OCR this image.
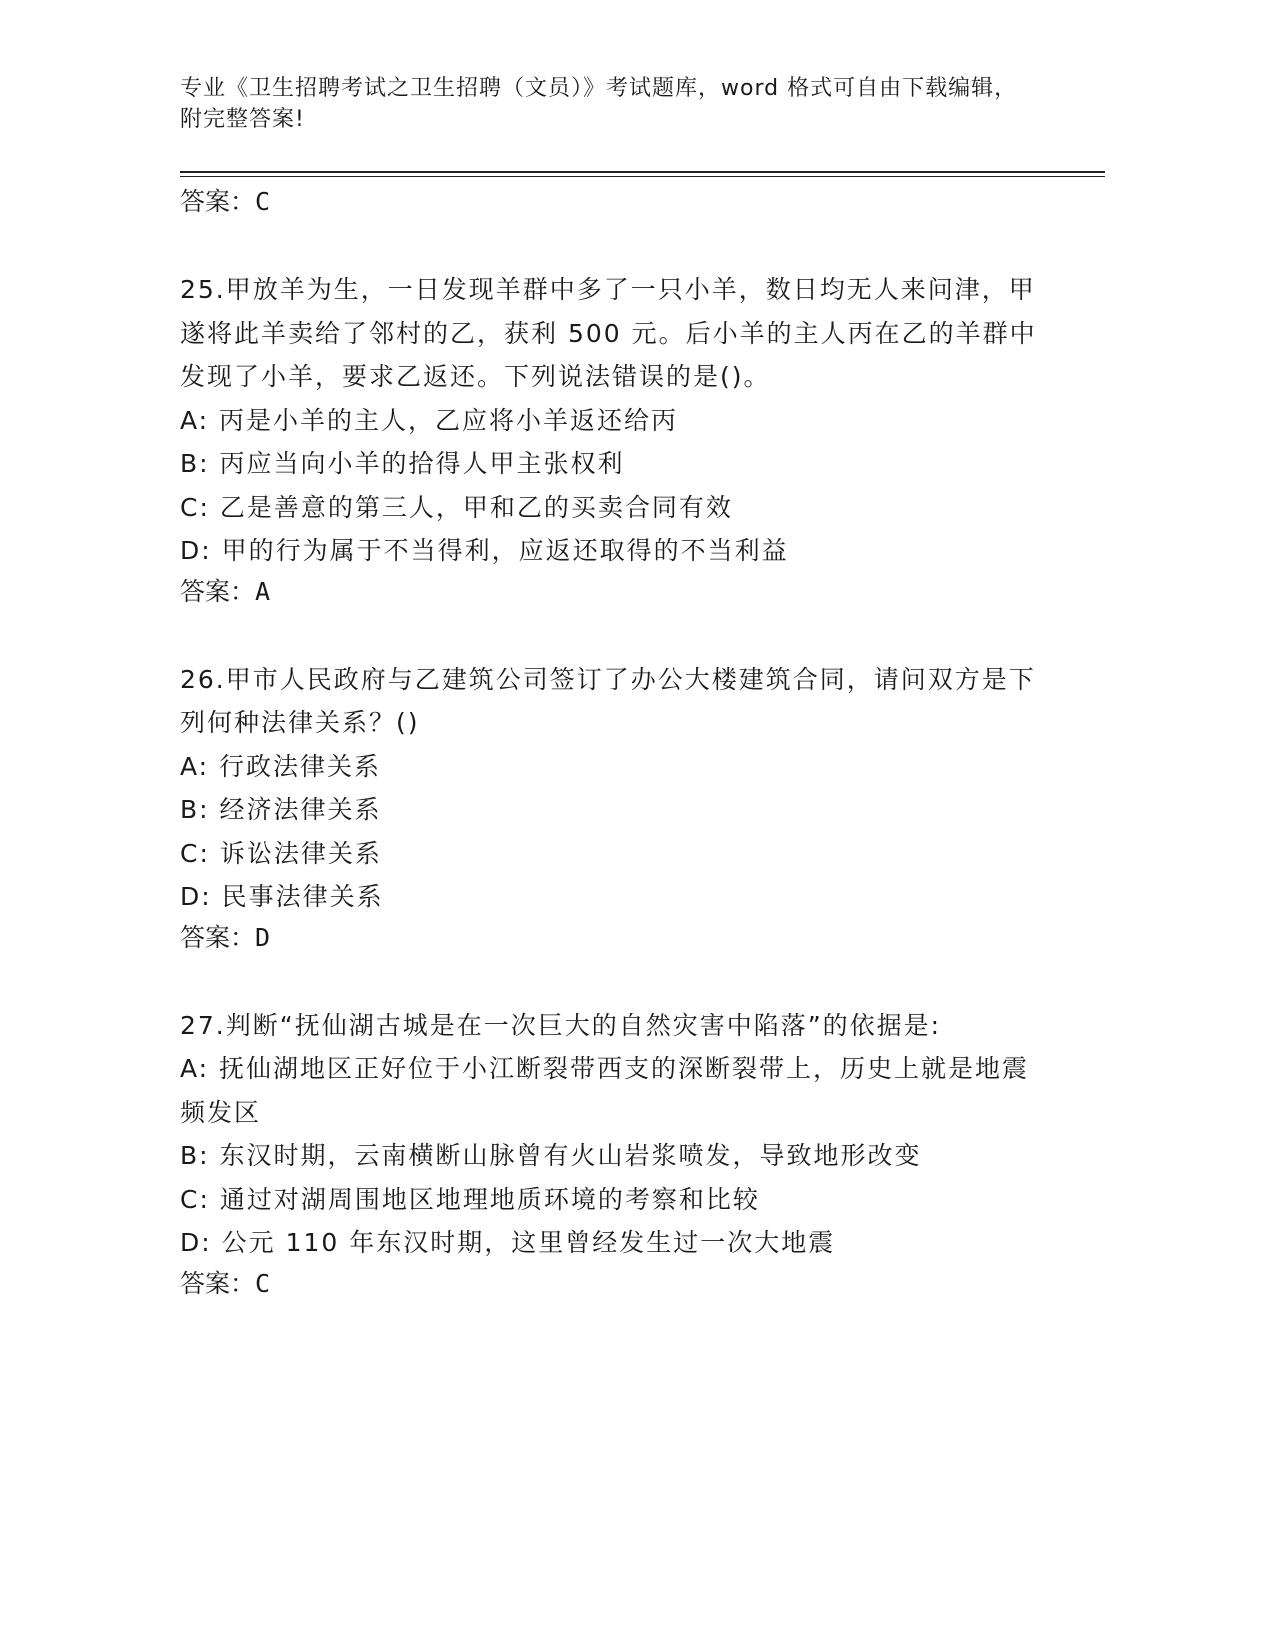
专业《卫生招聘考试之卫生招聘（文员）》考试题库，word 格式可自由下载编辑，附完整答案!

答案：C

25.甲放羊为生，一日发现羊群中多了一只小羊，数日均无人来问津，甲遂将此羊卖给了邻村的乙，获利 500 元。后小羊的主人丙在乙的羊群中发现了小羊，要求乙返还。下列说法错误的是()。

A: 丙是小羊的主人，乙应将小羊返还给丙

B: 丙应当向小羊的拾得人甲主张权利

C: 乙是善意的第三人，甲和乙的买卖合同有效

D: 甲的行为属于不当得利，应返还取得的不当利益

答案：A

26.甲市人民政府与乙建筑公司签订了办公大楼建筑合同，请问双方是下列何种法律关系？()

A: 行政法律关系

B: 经济法律关系

C: 诉讼法律关系

D: 民事法律关系

答案：D

27.判断“抚仙湖古城是在一次巨大的自然灾害中陷落”的依据是:

A: 抚仙湖地区正好位于小江断裂带西支的深断裂带上，历史上就是地震频发区

B: 东汉时期，云南横断山脉曾有火山岩浆喷发，导致地形改变

C: 通过对湖周围地区地理地质环境的考察和比较

D: 公元 110 年东汉时期，这里曾经发生过一次大地震

答案：C
